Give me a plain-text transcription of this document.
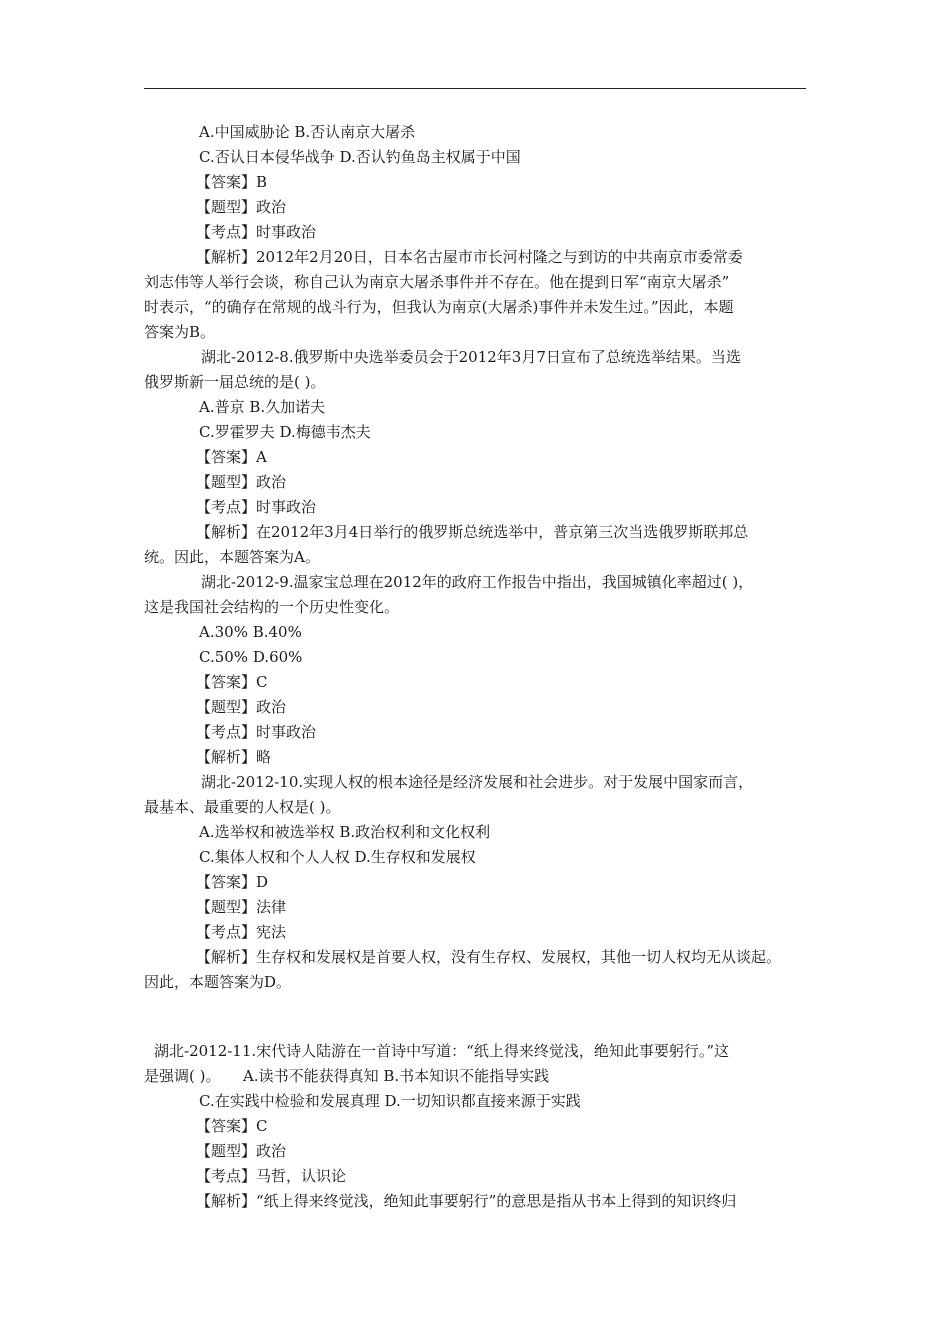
A.中国威胁论 B.否认南京大屠杀
C.否认日本侵华战争 D.否认钓鱼岛主权属于中国
【答案】B
【题型】政治
【考点】时事政治
【解析】2012年2月20日，日本名古屋市市长河村隆之与到访的中共南京市委常委
刘志伟等人举行会谈，称自己认为南京大屠杀事件并不存在。他在提到日军“南京大屠杀”
时表示，“的确存在常规的战斗行为，但我认为南京(大屠杀)事件并未发生过。”因此，本题
答案为B。
湖北-2012-8.俄罗斯中央选举委员会于2012年3月7日宣布了总统选举结果。当选
俄罗斯新一届总统的是( )。
A.普京 B.久加诺夫
C.罗霍罗夫 D.梅德韦杰夫
【答案】A
【题型】政治
【考点】时事政治
【解析】在2012年3月4日举行的俄罗斯总统选举中，普京第三次当选俄罗斯联邦总
统。因此，本题答案为A。
湖北-2012-9.温家宝总理在2012年的政府工作报告中指出，我国城镇化率超过( )，
这是我国社会结构的一个历史性变化。
A.30% B.40%
C.50% D.60%
【答案】C
【题型】政治
【考点】时事政治
【解析】略
湖北-2012-10.实现人权的根本途径是经济发展和社会进步。对于发展中国家而言，
最基本、最重要的人权是( )。
A.选举权和被选举权 B.政治权利和文化权利
C.集体人权和个人人权 D.生存权和发展权
【答案】D
【题型】法律
【考点】宪法
【解析】生存权和发展权是首要人权，没有生存权、发展权，其他一切人权均无从谈起。
因此，本题答案为D。
湖北-2012-11.宋代诗人陆游在一首诗中写道：“纸上得来终觉浅，绝知此事要躬行。”这
是强调( )。　　A.读书不能获得真知 B.书本知识不能指导实践
C.在实践中检验和发展真理 D.一切知识都直接来源于实践
【答案】C
【题型】政治
【考点】马哲，认识论
【解析】“纸上得来终觉浅，绝知此事要躬行”的意思是指从书本上得到的知识终归
